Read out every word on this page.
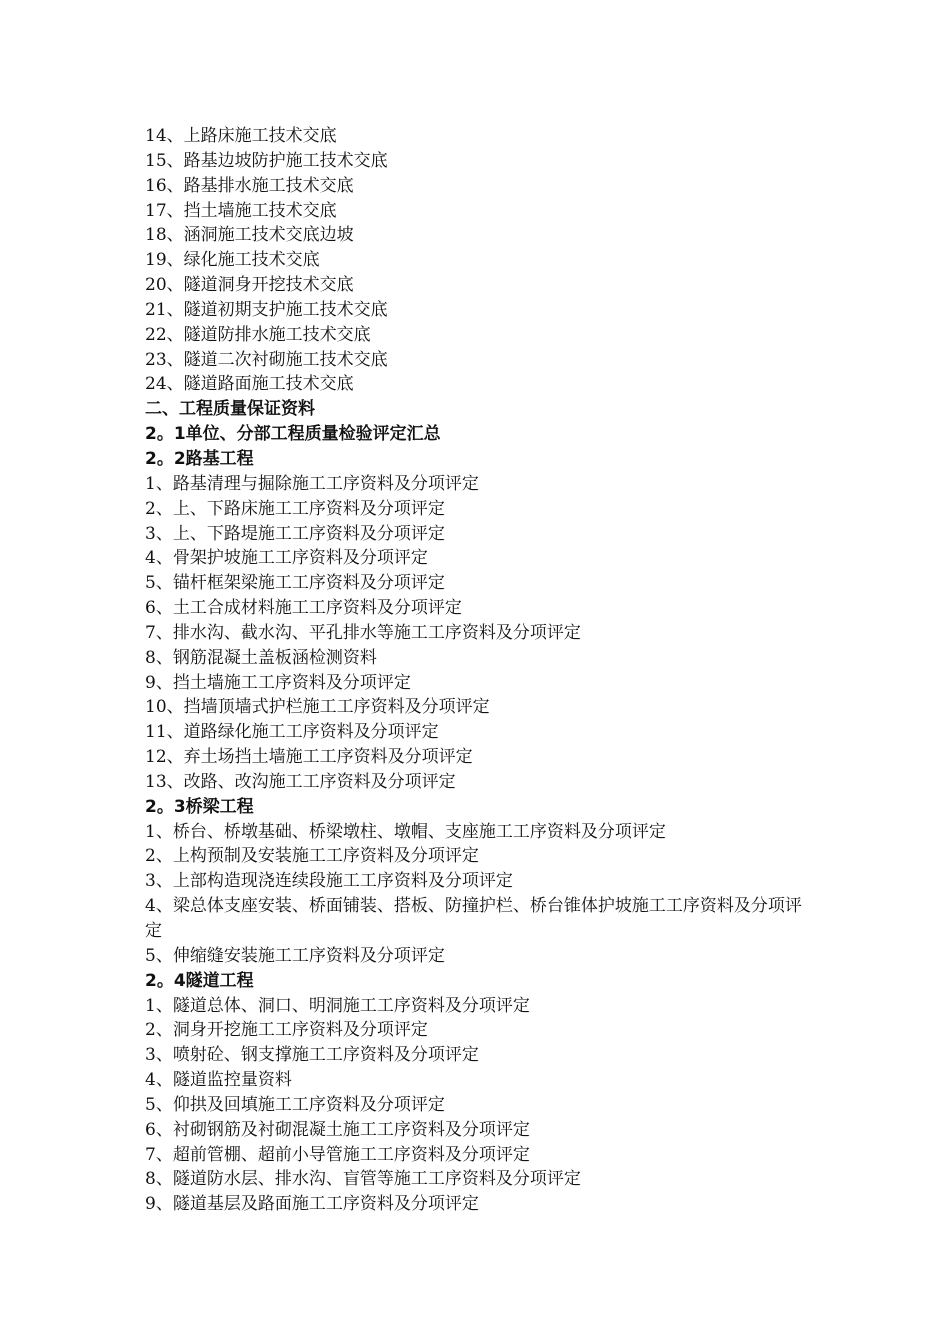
14、上路床施工技术交底
15、路基边坡防护施工技术交底
16、路基排水施工技术交底
17、挡土墙施工技术交底
18、涵洞施工技术交底边坡
19、绿化施工技术交底
20、隧道洞身开挖技术交底
21、隧道初期支护施工技术交底
22、隧道防排水施工技术交底
23、隧道二次衬砌施工技术交底
24、隧道路面施工技术交底
二、工程质量保证资料
2。1单位、分部工程质量检验评定汇总
2。2路基工程
1、路基清理与掘除施工工序资料及分项评定
2、上、下路床施工工序资料及分项评定
3、上、下路堤施工工序资料及分项评定
4、骨架护坡施工工序资料及分项评定
5、锚杆框架梁施工工序资料及分项评定
6、土工合成材料施工工序资料及分项评定
7、排水沟、截水沟、平孔排水等施工工序资料及分项评定
8、钢筋混凝土盖板涵检测资料
9、挡土墙施工工序资料及分项评定
10、挡墙顶墙式护栏施工工序资料及分项评定
11、道路绿化施工工序资料及分项评定
12、弃土场挡土墙施工工序资料及分项评定
13、改路、改沟施工工序资料及分项评定
2。3桥梁工程
1、桥台、桥墩基础、桥梁墩柱、墩帽、支座施工工序资料及分项评定
2、上构预制及安装施工工序资料及分项评定
3、上部构造现浇连续段施工工序资料及分项评定
4、梁总体支座安装、桥面铺装、搭板、防撞护栏、桥台锥体护坡施工工序资料及分项评定
5、伸缩缝安装施工工序资料及分项评定
2。4隧道工程
1、隧道总体、洞口、明洞施工工序资料及分项评定
2、洞身开挖施工工序资料及分项评定
3、喷射砼、钢支撑施工工序资料及分项评定
4、隧道监控量资料
5、仰拱及回填施工工序资料及分项评定
6、衬砌钢筋及衬砌混凝土施工工序资料及分项评定
7、超前管棚、超前小导管施工工序资料及分项评定
8、隧道防水层、排水沟、盲管等施工工序资料及分项评定
9、隧道基层及路面施工工序资料及分项评定
